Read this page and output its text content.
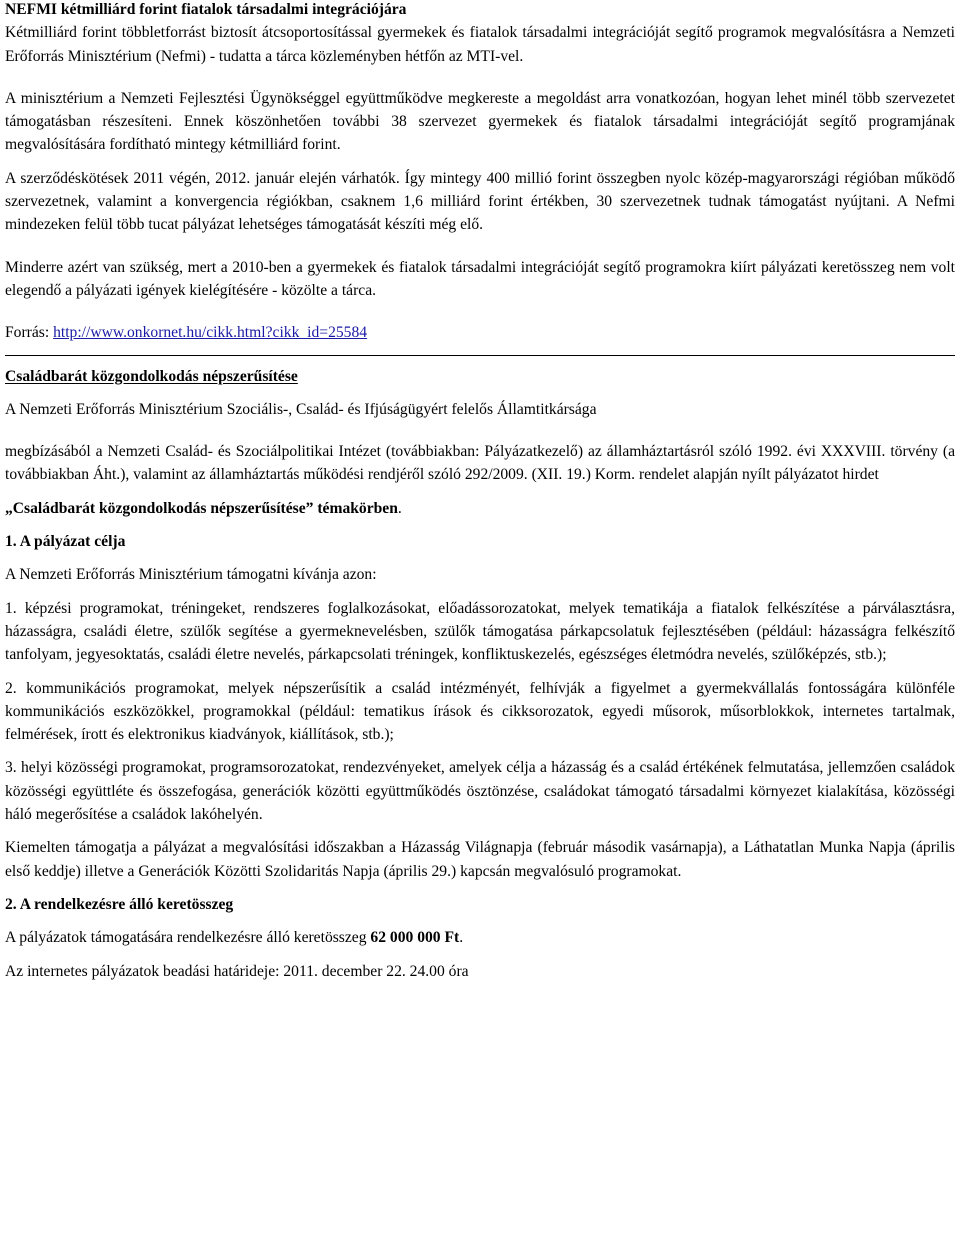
NEFMI kétmilliárd forint fiatalok társadalmi integrációjára

Kétmilliárd forint többletforrást biztosít átcsoportosítással gyermekek és fiatalok társadalmi integrációját segítő programok megvalósításra a Nemzeti Erőforrás Minisztérium (Nefmi) - tudatta a tárca közleményben hétfőn az MTI-vel.

A minisztérium a Nemzeti Fejlesztési Ügynökséggel együttműködve megkereste a megoldást arra vonatkozóan, hogyan lehet minél több szervezetet támogatásban részesíteni. Ennek köszönhetően további 38 szervezet gyermekek és fiatalok társadalmi integrációját segítő programjának megvalósítására fordítható mintegy kétmilliárd forint.

A szerződéskötések 2011 végén, 2012. január elején várhatók. Így mintegy 400 millió forint összegben nyolc közép-magyarországi régióban működő szervezetnek, valamint a konvergencia régiókban, csaknem 1,6 milliárd forint értékben, 30 szervezetnek tudnak támogatást nyújtani. A Nefmi mindezeken felül több tucat pályázat lehetséges támogatását készíti még elő.

Minderre azért van szükség, mert a 2010-ben a gyermekek és fiatalok társadalmi integrációját segítő programokra kiírt pályázati keretösszeg nem volt elegendő a pályázati igények kielégítésére - közölte a tárca.

Forrás: http://www.onkornet.hu/cikk.html?cikk_id=25584

Családbarát közgondolkodás népszerűsítése

A Nemzeti Erőforrás Minisztérium Szociális-, Család- és Ifjúságügyért felelős Államtitkársága

megbízásából a Nemzeti Család- és Szociálpolitikai Intézet (továbbiakban: Pályázatkezelő) az államháztartásról szóló 1992. évi XXXVIII. törvény (a továbbiakban Áht.), valamint az államháztartás működési rendjéről szóló 292/2009. (XII. 19.) Korm. rendelet alapján nyílt pályázatot hirdet

„Családbarát közgondolkodás népszerűsítése” témakörben.

1. A pályázat célja

A Nemzeti Erőforrás Minisztérium támogatni kívánja azon:

1. képzési programokat, tréningeket, rendszeres foglalkozásokat, előadássorozatokat, melyek tematikája a fiatalok felkészítése a párválasztásra, házasságra, családi életre, szülők segítése a gyermeknevelésben, szülők támogatása párkapcsolatuk fejlesztésében (például: házasságra felkészítő tanfolyam, jegyesoktatás, családi életre nevelés, párkapcsolati tréningek, konfliktuskezelés, egészséges életmódra nevelés, szülőképzés, stb.);

2. kommunikációs programokat, melyek népszerűsítik a család intézményét, felhívják a figyelmet a gyermekvállalás fontosságára különféle kommunikációs eszközökkel, programokkal (például: tematikus írások és cikksorozatok, egyedi műsorok, műsorblokkok, internetes tartalmak, felmérések, írott és elektronikus kiadványok, kiállítások, stb.);

3. helyi közösségi programokat, programsorozatokat, rendezvényeket, amelyek célja a házasság és a család értékének felmutatása, jellemzően családok közösségi együttléte és összefogása, generációk közötti együttműködés ösztönzése, családokat támogató társadalmi környezet kialakítása, közösségi háló megerősítése a családok lakóhelyén.

Kiemelten támogatja a pályázat a megvalósítási időszakban a Házasság Világnapja (február második vasárnapja), a Láthatatlan Munka Napja (április első keddje) illetve a Generációk Közötti Szolidaritás Napja (április 29.) kapcsán megvalósuló programokat.

2. A rendelkezésre álló keretösszeg

A pályázatok támogatására rendelkezésre álló keretösszeg 62 000 000 Ft.

Az internetes pályázatok beadási határideje: 2011. december 22. 24.00 óra
